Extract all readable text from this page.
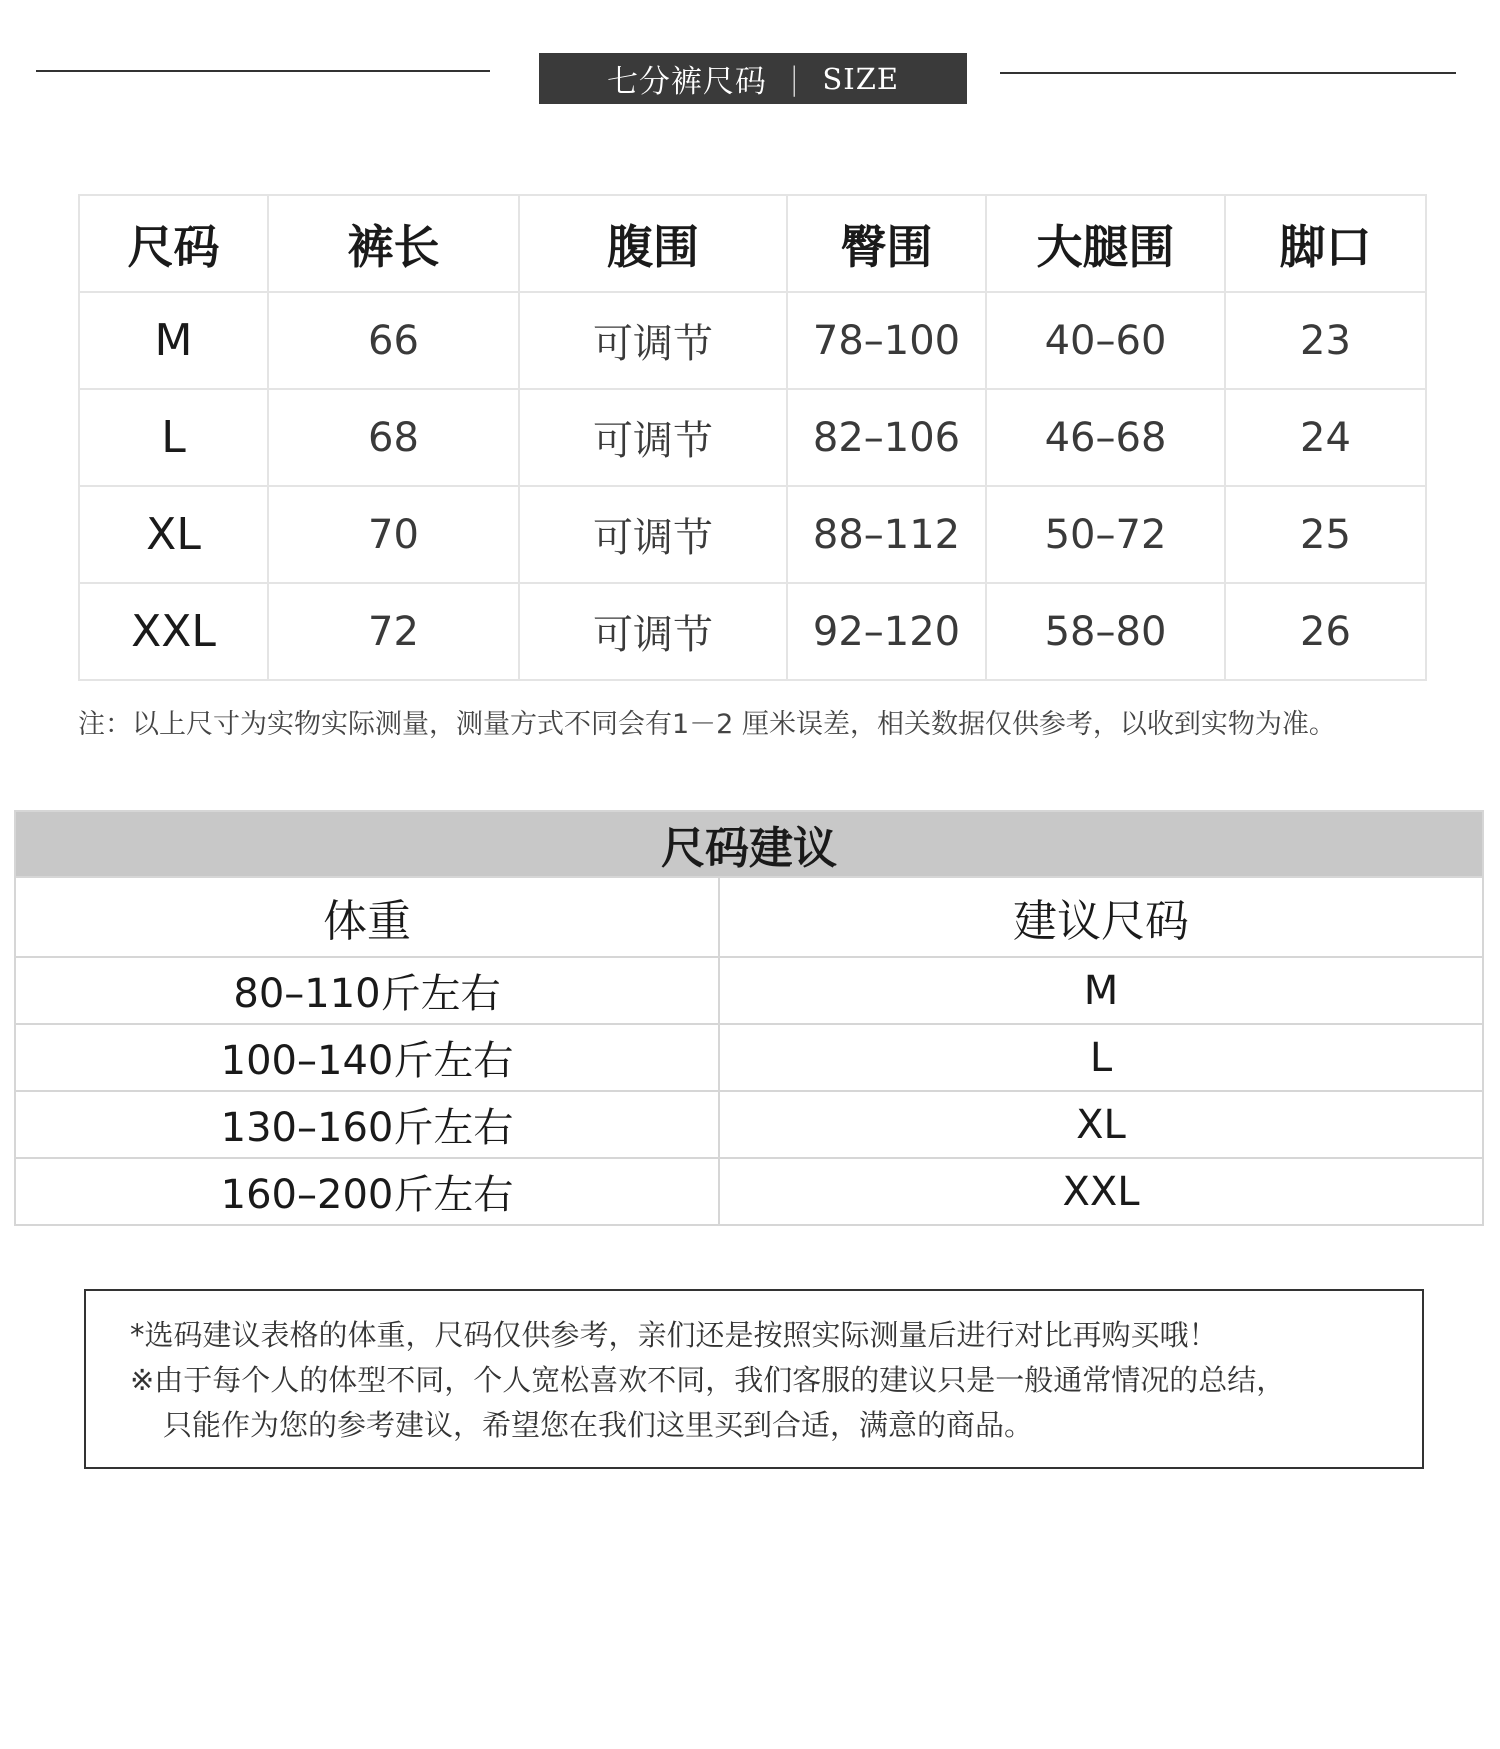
七分裤尺码 | SIZE
尺码	裤长	腹围	臀围	大腿围	脚口
M	66	可调节	78–100	40–60	23
L	68	可调节	82–106	46–68	24
XL	70	可调节	88–112	50–72	25
XXL	72	可调节	92–120	58–80	26
注：以上尺寸为实物实际测量，测量方式不同会有1－2 厘米误差，相关数据仅供参考，以收到实物为准。
尺码建议	
体重	建议尺码
80–110斤左右	M
100–140斤左右	L
130–160斤左右	XL
160–200斤左右	XXL

*选码建议表格的体重，尺码仅供参考，亲们还是按照实际测量后进行对比再购买哦！

※由于每个人的体型不同，个人宽松喜欢不同，我们客服的建议只是一般通常情况的总结，

只能作为您的参考建议，希望您在我们这里买到合适，满意的商品。
